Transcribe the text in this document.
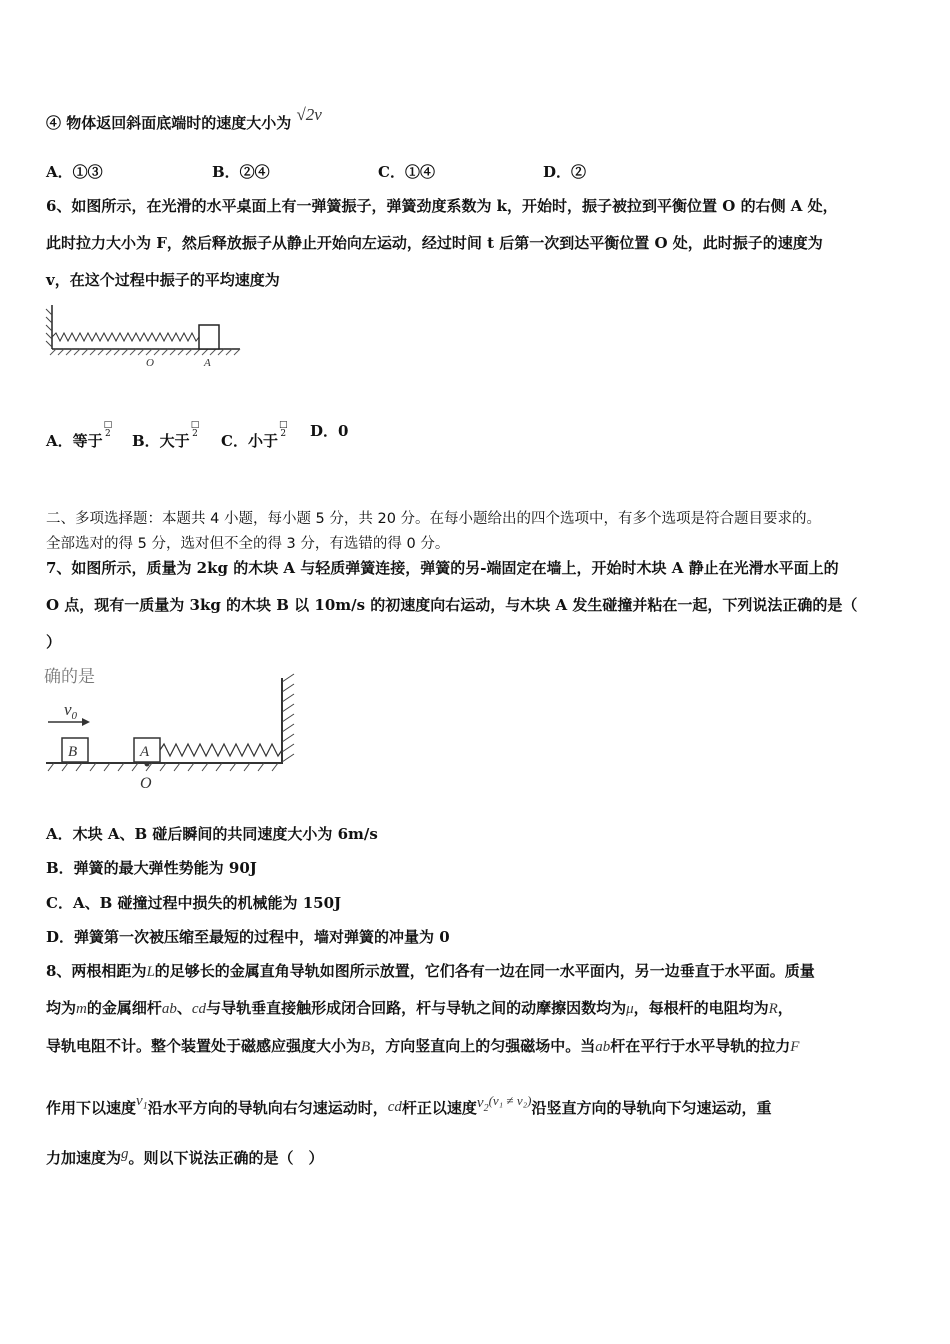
④ 物体返回斜面底端时的速度大小为 √2v
A．①③	B．②④	C．①④	D．②
6、如图所示，在光滑的水平桌面上有一弹簧振子，弹簧劲度系数为 k，开始时，振子被拉到平衡位置 O 的右侧 A 处，
此时拉力大小为 F，然后释放振子从静止开始向左运动，经过时间 t 后第一次到达平衡位置 O 处，此时振子的速度为
v，在这个过程中振子的平均速度为
O	A
A．等于
□
2 B．大于
□
2 C．小于
□
2 D．0
二、多项选择题：本题共 4 小题，每小题 5 分，共 20 分。在每小题给出的四个选项中，有多个选项是符合题目要求的。
全部选对的得 5 分，选对但不全的得 3 分，有选错的得 0 分。
7、如图所示，质量为 2kg 的木块 A 与轻质弹簧连接，弹簧的另-端固定在墙上，开始时木块 A 静止在光滑水平面上的
O 点，现有一质量为 3kg 的木块 B 以 10m/s 的初速度向右运动，与木块 A 发生碰撞并粘在一起，下列说法正确的是（
）
确的是
$v_0$
B	A
O
A．木块 A、B 碰后瞬间的共同速度大小为 6m/s
B．弹簧的最大弹性势能为 90J
C．A、B 碰撞过程中损失的机械能为 150J
D．弹簧第一次被压缩至最短的过程中，墙对弹簧的冲量为 0
8、两根相距为L的足够长的金属直角导轨如图所示放置，它们各有一边在同一水平面内，另一边垂直于水平面。质量
均为m的金属细杆ab、cd与导轨垂直接触形成闭合回路，杆与导轨之间的动摩擦因数均为μ，每根杆的电阻均为R，
导轨电阻不计。整个装置处于磁感应强度大小为B，方向竖直向上的匀强磁场中。当ab杆在平行于水平导轨的拉力F
作用下以速度$v_1$沿水平方向的导轨向右匀速运动时，cd杆正以速度$v_2(v_1 \ne v_2)$沿竖直方向的导轨向下匀速运动，重
力加速度为g。则以下说法正确的是（　）
